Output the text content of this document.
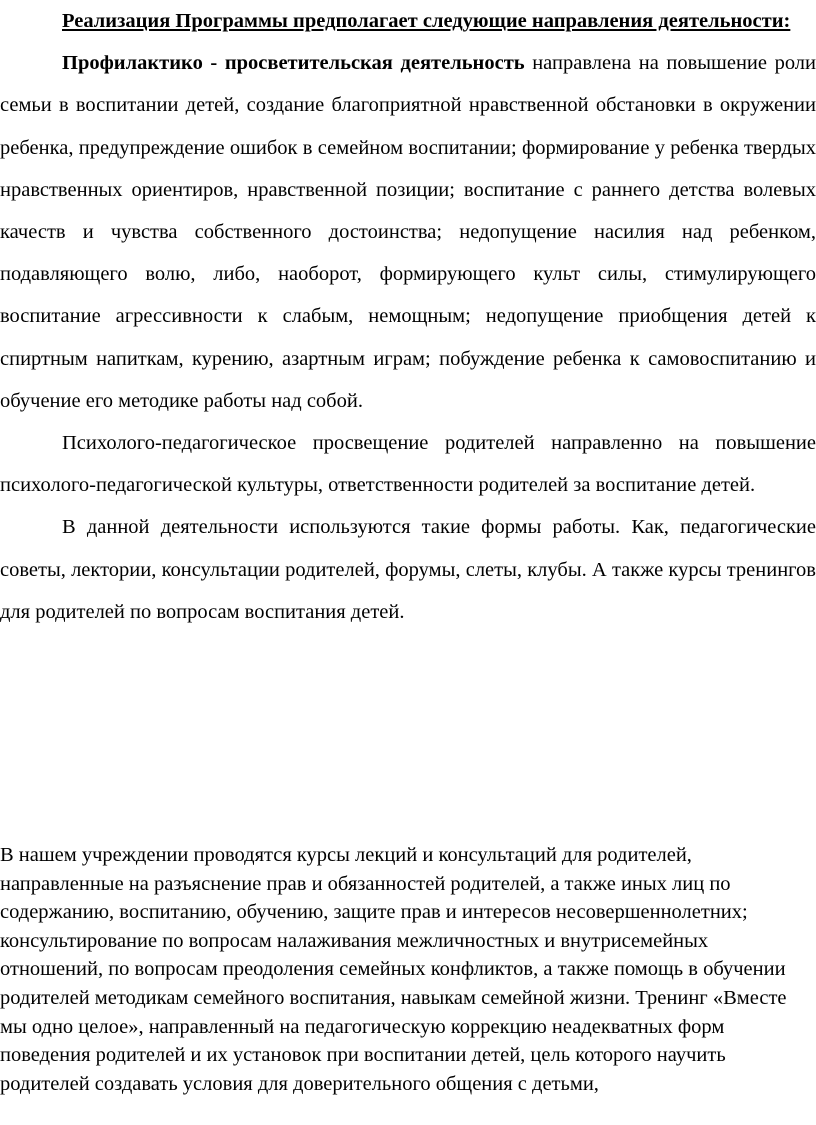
Реализация Программы предполагает следующие направления деятельности:

Профилактико - просветительская деятельность направлена на повышение роли семьи в воспитании детей, создание благоприятной нравственной обстановки в окружении ребенка, предупреждение ошибок в семейном воспитании; формирование у ребенка твердых нравственных ориентиров, нравственной позиции; воспитание с раннего детства волевых качеств и чувства собственного достоинства; недопущение насилия над ребенком, подавляющего волю, либо, наоборот, формирующего культ силы, стимулирующего воспитание агрессивности к слабым, немощным; недопущение приобщения детей к спиртным напиткам, курению, азартным играм; побуждение ребенка к самовоспитанию и обучение его методике работы над собой.

Психолого-педагогическое просвещение родителей направленно на повышение психолого-педагогической культуры, ответственности родителей за воспитание детей.

В данной деятельности используются такие формы работы. Как, педагогические советы, лектории, консультации родителей, форумы, слеты, клубы. А также курсы тренингов для родителей по вопросам воспитания детей.

В нашем учреждении проводятся курсы лекций и консультаций для родителей, направленные на разъяснение прав и обязанностей родителей, а также иных лиц по содержанию, воспитанию, обучению, защите прав и интересов несовершеннолетних; консультирование по вопросам налаживания межличностных и внутрисемейных отношений, по вопросам преодоления семейных конфликтов, а также помощь в обучении родителей методикам семейного воспитания, навыкам семейной жизни. Тренинг «Вместе мы одно целое», направленный на педагогическую коррекцию неадекватных форм поведения родителей и их установок при воспитании детей, цель которого научить родителей создавать условия для доверительного общения с детьми,
